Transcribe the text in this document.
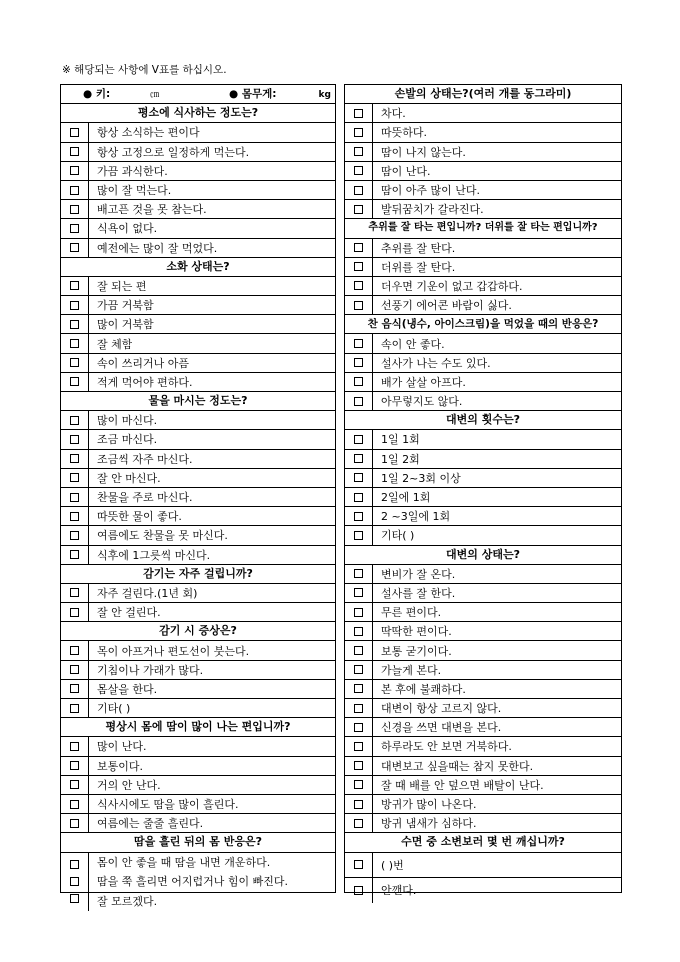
※ 해당되는 사항에 V표를 하십시오.
● 키:	㎝	● 몸무게:	kg
평소에 식사하는 정도는?
항상 소식하는 편이다
항상 고정으로 일정하게 먹는다.
가끔 과식한다.
많이 잘 먹는다.
배고픈 것을 못 참는다.
식욕이 없다.
예전에는 많이 잘 먹었다.
소화 상태는?
잘 되는 편
가끔 거북함
많이 거북함
잘 체함
속이 쓰리거나 아픔
적게 먹어야 편하다.
물을 마시는 정도는?
많이 마신다.
조금 마신다.
조금씩 자주 마신다.
잘 안 마신다.
찬물을 주로 마신다.
따뜻한 물이 좋다.
여름에도 찬물을 못 마신다.
식후에 1그릇씩 마신다.
감기는 자주 걸립니까?
자주 걸린다.(1년 회)
잘 안 걸린다.
감기 시 증상은?
목이 아프거나 편도선이 붓는다.
기침이나 가래가 많다.
몸살을 한다.
기타( )
평상시 몸에 땀이 많이 나는 편입니까?
많이 난다.
보통이다.
거의 안 난다.
식사시에도 땀을 많이 흘린다.
여름에는 줄줄 흘린다.
땀을 흘린 뒤의 몸 반응은?
몸이 안 좋을 때 땀을 내면 개운하다.
땀을 쭉 흘리면 어지럽거나 힘이 빠진다.
잘 모르겠다.
손발의 상태는?(여러 개를 동그라미)
차다.
따뜻하다.
땀이 나지 않는다.
땀이 난다.
땀이 아주 많이 난다.
발뒤꿈치가 갈라진다.
추위를 잘 타는 편입니까? 더위를 잘 타는 편입니까?
추위를 잘 탄다.
더위를 잘 탄다.
더우면 기운이 없고 갑갑하다.
선풍기 에어콘 바람이 싫다.
찬 음식(냉수, 아이스크림)을 먹었을 때의 반응은?
속이 안 좋다.
설사가 나는 수도 있다.
배가 살살 아프다.
아무렇지도 않다.
대변의 횟수는?
1일 1회
1일 2회
1일 2~3회 이상
2일에 1회
2 ~3일에 1회
기타( )
대변의 상태는?
변비가 잘 온다.
설사를 잘 한다.
무른 편이다.
딱딱한 편이다.
보통 굳기이다.
가늘게 본다.
본 후에 불쾌하다.
대변이 항상 고르지 않다.
신경을 쓰면 대변을 본다.
하루라도 안 보면 거북하다.
대변보고 싶을때는 참지 못한다.
잘 때 배를 안 덮으면 배탈이 난다.
방귀가 많이 나온다.
방귀 냄새가 심하다.
수면 중 소변보러 몇 번 깨십니까?
( )번
안깬다.
